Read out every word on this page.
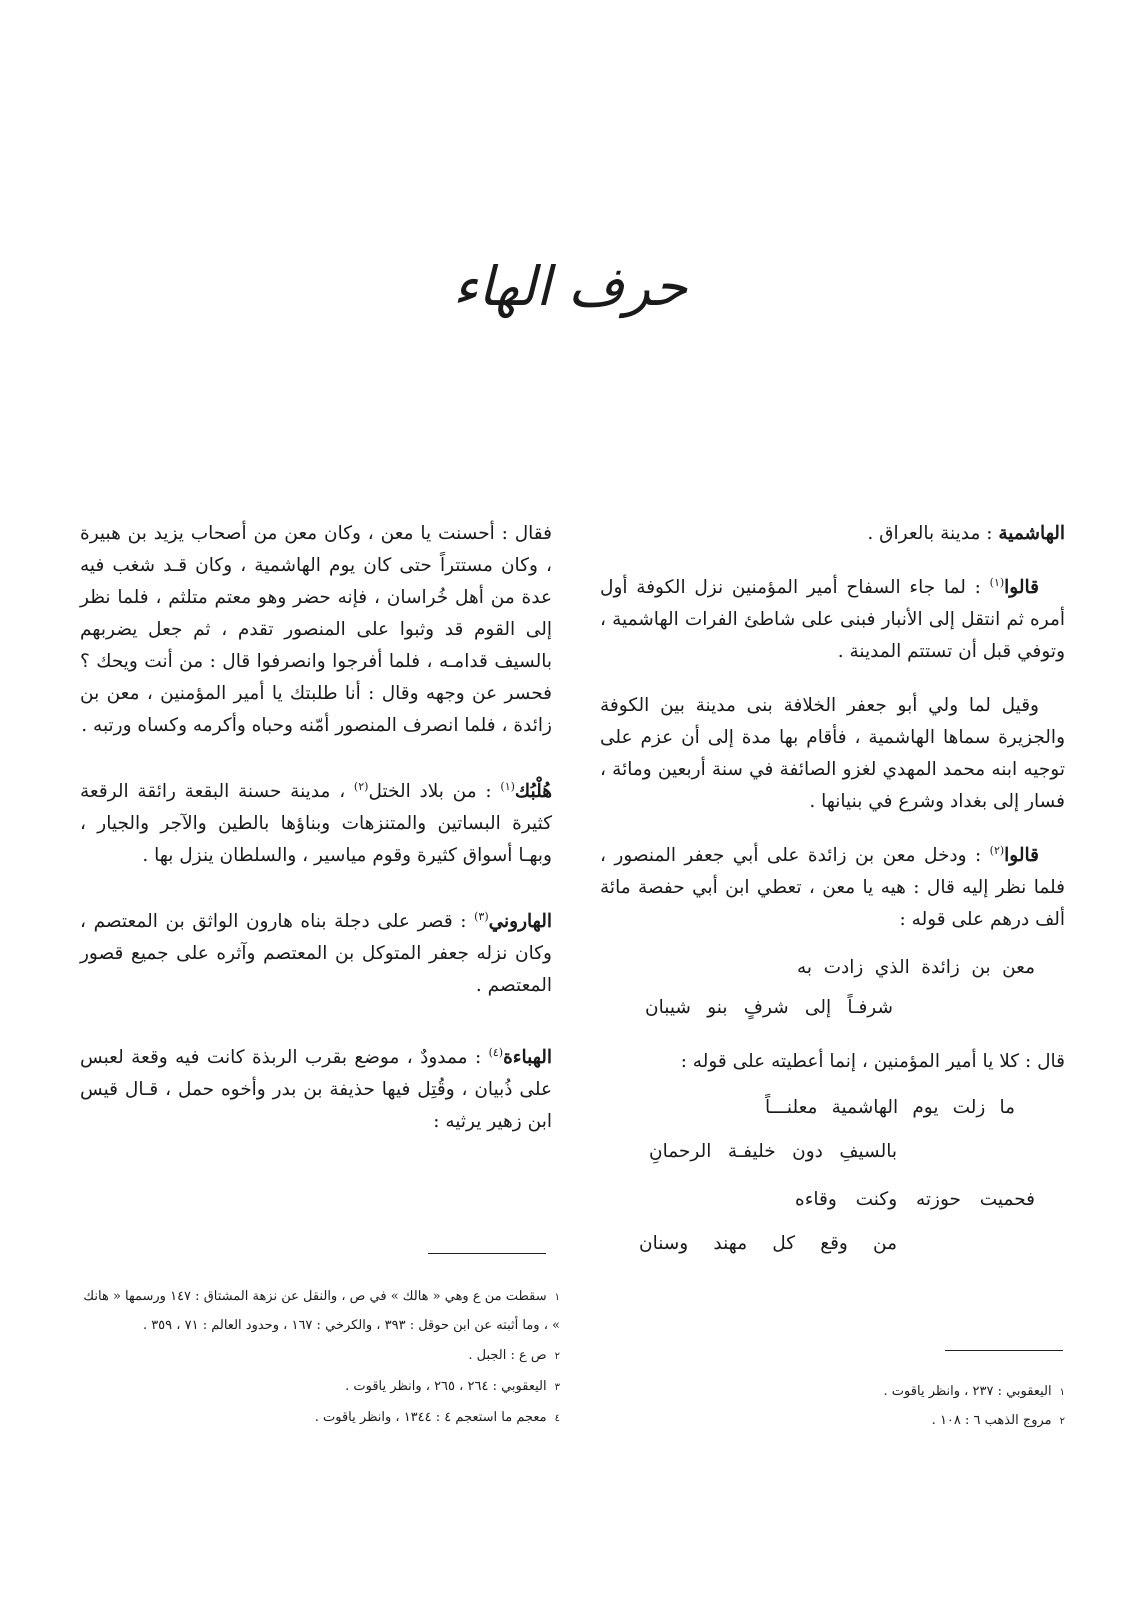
حرف الهاء

الهاشمية : مدينة بالعراق .

قالوا$^{(١)}$ : لما جاء السفاح أمير المؤمنين نزل الكوفة أول أمره ثم انتقل إلى الأنبار فبنى على شاطئ الفرات الهاشمية ، وتوفي قبل أن تستتم المدينة .

وقيل لما ولي أبو جعفر الخلافة بنى مدينة بين الكوفة والجزيرة سماها الهاشمية ، فأقام بها مدة إلى أن عزم على توجيه ابنه محمد المهدي لغزو الصائفة في سنة أربعين ومائة ، فسار إلى بغداد وشرع في بنيانها .

قالوا$^{(٢)}$ : ودخل معن بن زائدة على أبي جعفر المنصور ، فلما نظر إليه قال : هيه يا معن ، تعطي ابن أبي حفصة مائة ألف درهم على قوله :

معن
بن
زائدة
الذي
زادت
به
شرفـاً
إلى
شرفٍ
بنو
شيبان

قال : كلا يا أمير المؤمنين ، إنما أعطيته على قوله :

ما
زلت
يوم
الهاشمية
معلنـــاً
بالسيفِ
دون
خليفـة
الرحمانِ
فحميت
حوزته
وكنت
وقاءه
من
وقع
كل
مهند
وسنان

فقال : أحسنت يا معن ، وكان معن من أصحاب يزيد بن هبيرة ، وكان مستتراً حتى كان يوم الهاشمية ، وكان قـد شغب فيه عدة من أهل خُراسان ، فإنه حضر وهو معتم متلثم ، فلما نظر إلى القوم قد وثبوا على المنصور تقدم ، ثم جعل يضربهم بالسيف قدامـه ، فلما أفرجوا وانصرفوا قال : من أنت ويحك ؟ فحسر عن وجهه وقال : أنا طلبتك يا أمير المؤمنين ، معن بن زائدة ، فلما انصرف المنصور أمّنه وحباه وأكرمه وكساه ورتبه .

هُلْبُك$^{(١)}$ : من بلاد الختل$^{(٢)}$ ، مدينة حسنة البقعة رائقة الرقعة كثيرة البساتين والمتنزهات وبناؤها بالطين والآجر والجيار ، وبهـا أسواق كثيرة وقوم مياسير ، والسلطان ينزل بها .

الهاروني$^{(٣)}$ : قصر على دجلة بناه هارون الواثق بن المعتصم ، وكان نزله جعفر المتوكل بن المعتصم وآثره على جميع قصور المعتصم .

الهباءة$^{(٤)}$ : ممدودٌ ، موضع بقرب الربذة كانت فيه وقعة لعبس على ذُبيان ، وقُتِل فيها حذيفة بن بدر وأخوه حمل ، قـال قيس ابن زهير يرثيه :

١سقطت من ع وهي « هالك » في ص ، والنقل عن نزهة المشتاق : ١٤٧ ورسمها « هانك » ، وما أثبته عن ابن حوقل : ٣٩٣ ، والكرخي : ١٦٧ ، وحدود العالم : ٧١ ، ٣٥٩ .

٢ص ع : الجبل .

٣اليعقوبي : ٢٦٤ ، ٢٦٥ ، وانظر ياقوت .

٤معجم ما استعجم ٤ : ١٣٤٤ ، وانظر ياقوت .

١اليعقوبي : ٢٣٧ ، وانظر ياقوت .

٢مروج الذهب ٦ : ١٠٨ .
